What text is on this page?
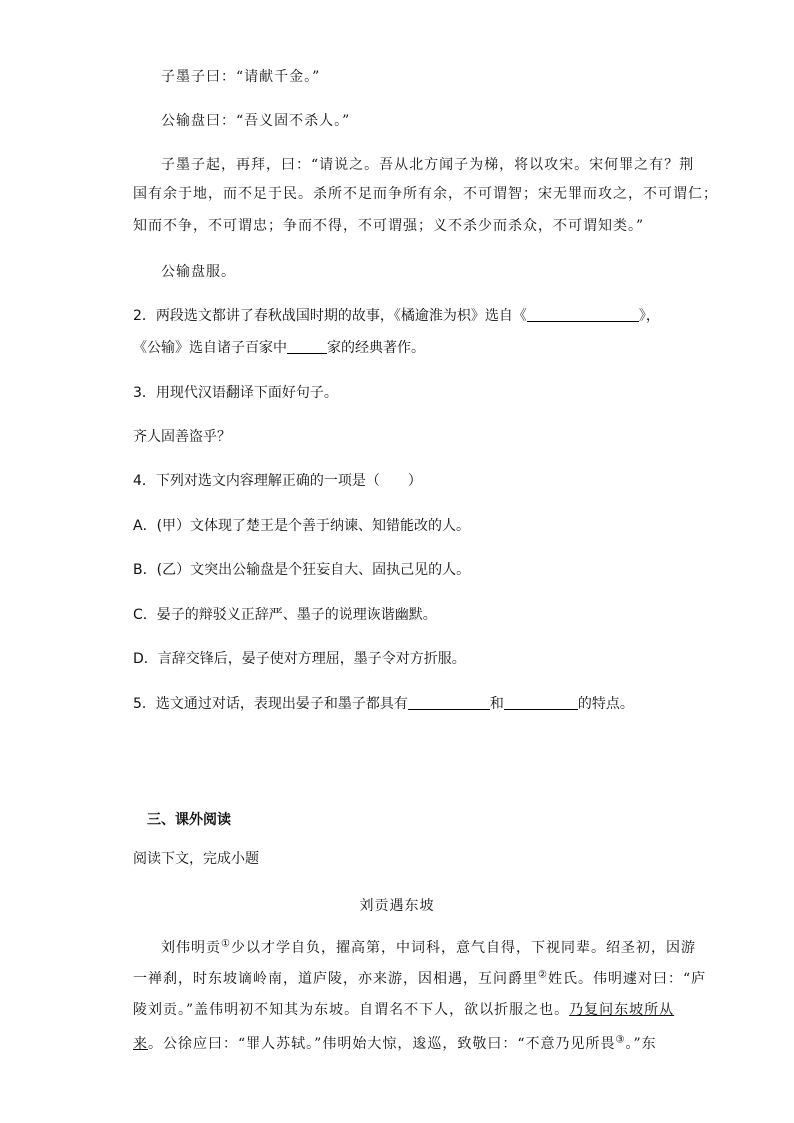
子墨子曰：“请献千金。”
公输盘曰：“吾义固不杀人。”
子墨子起，再拜，曰：“请说之。吾从北方闻子为梯，将以攻宋。宋何罪之有？荆
国有余于地，而不足于民。杀所不足而争所有余，不可谓智；宋无罪而攻之，不可谓仁；
知而不争，不可谓忠；争而不得，不可谓强；义不杀少而杀众，不可谓知类。”
公输盘服。
2．两段选文都讲了春秋战国时期的故事，《橘逾淮为枳》选自《	》，
《公输》选自诸子百家中	家的经典著作。
3．用现代汉语翻译下面好句子。
齐人固善盗乎？
4．下列对选文内容理解正确的一项是（　　）
A．(甲）文体现了楚王是个善于纳谏、知错能改的人。
B．(乙）文突出公输盘是个狂妄自大、固执己见的人。
C．晏子的辩驳义正辞严、墨子的说理诙谐幽默。
D．言辞交锋后，晏子使对方理屈，墨子令对方折服。
5．选文通过对话，表现出晏子和墨子都具有	和	的特点。
三、课外阅读
阅读下文，完成小题
刘贡遇东坡
刘伟明贡①少以才学自负，擢高第，中词科，意气自得，下视同辈。绍圣初，因游
一禅刹，时东坡谪岭南，道庐陵，亦来游，因相遇，互问爵里②姓氏。伟明遽对曰：“庐
陵刘贡。”盖伟明初不知其为东坡。自谓名不下人，欲以折服之也。乃复问东坡所从
来。公徐应曰：“罪人苏轼。”伟明始大惊，逡巡，致敬曰：“不意乃见所畏③。”东
